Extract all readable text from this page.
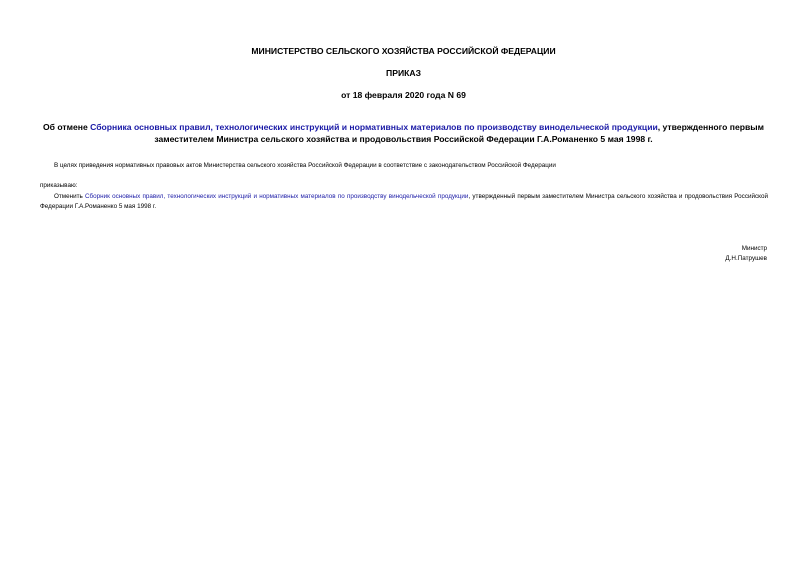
МИНИСТЕРСТВО СЕЛЬСКОГО ХОЗЯЙСТВА РОССИЙСКОЙ ФЕДЕРАЦИИ
ПРИКАЗ
от 18 февраля 2020 года N 69
Об отмене Сборника основных правил, технологических инструкций и нормативных материалов по производству винодельческой продукции, утвержденного первым заместителем Министра сельского хозяйства и продовольствия Российской Федерации Г.А.Романенко 5 мая 1998 г.
В целях приведения нормативных правовых актов Министерства сельского хозяйства Российской Федерации в соответствие с законодательством Российской Федерации
приказываю:
Отменить Сборник основных правил, технологических инструкций и нормативных материалов по производству винодельческой продукции, утвержденный первым заместителем Министра сельского хозяйства и продовольствия Российской Федерации Г.А.Романенко 5 мая 1998 г.
Министр
Д.Н.Патрушев
